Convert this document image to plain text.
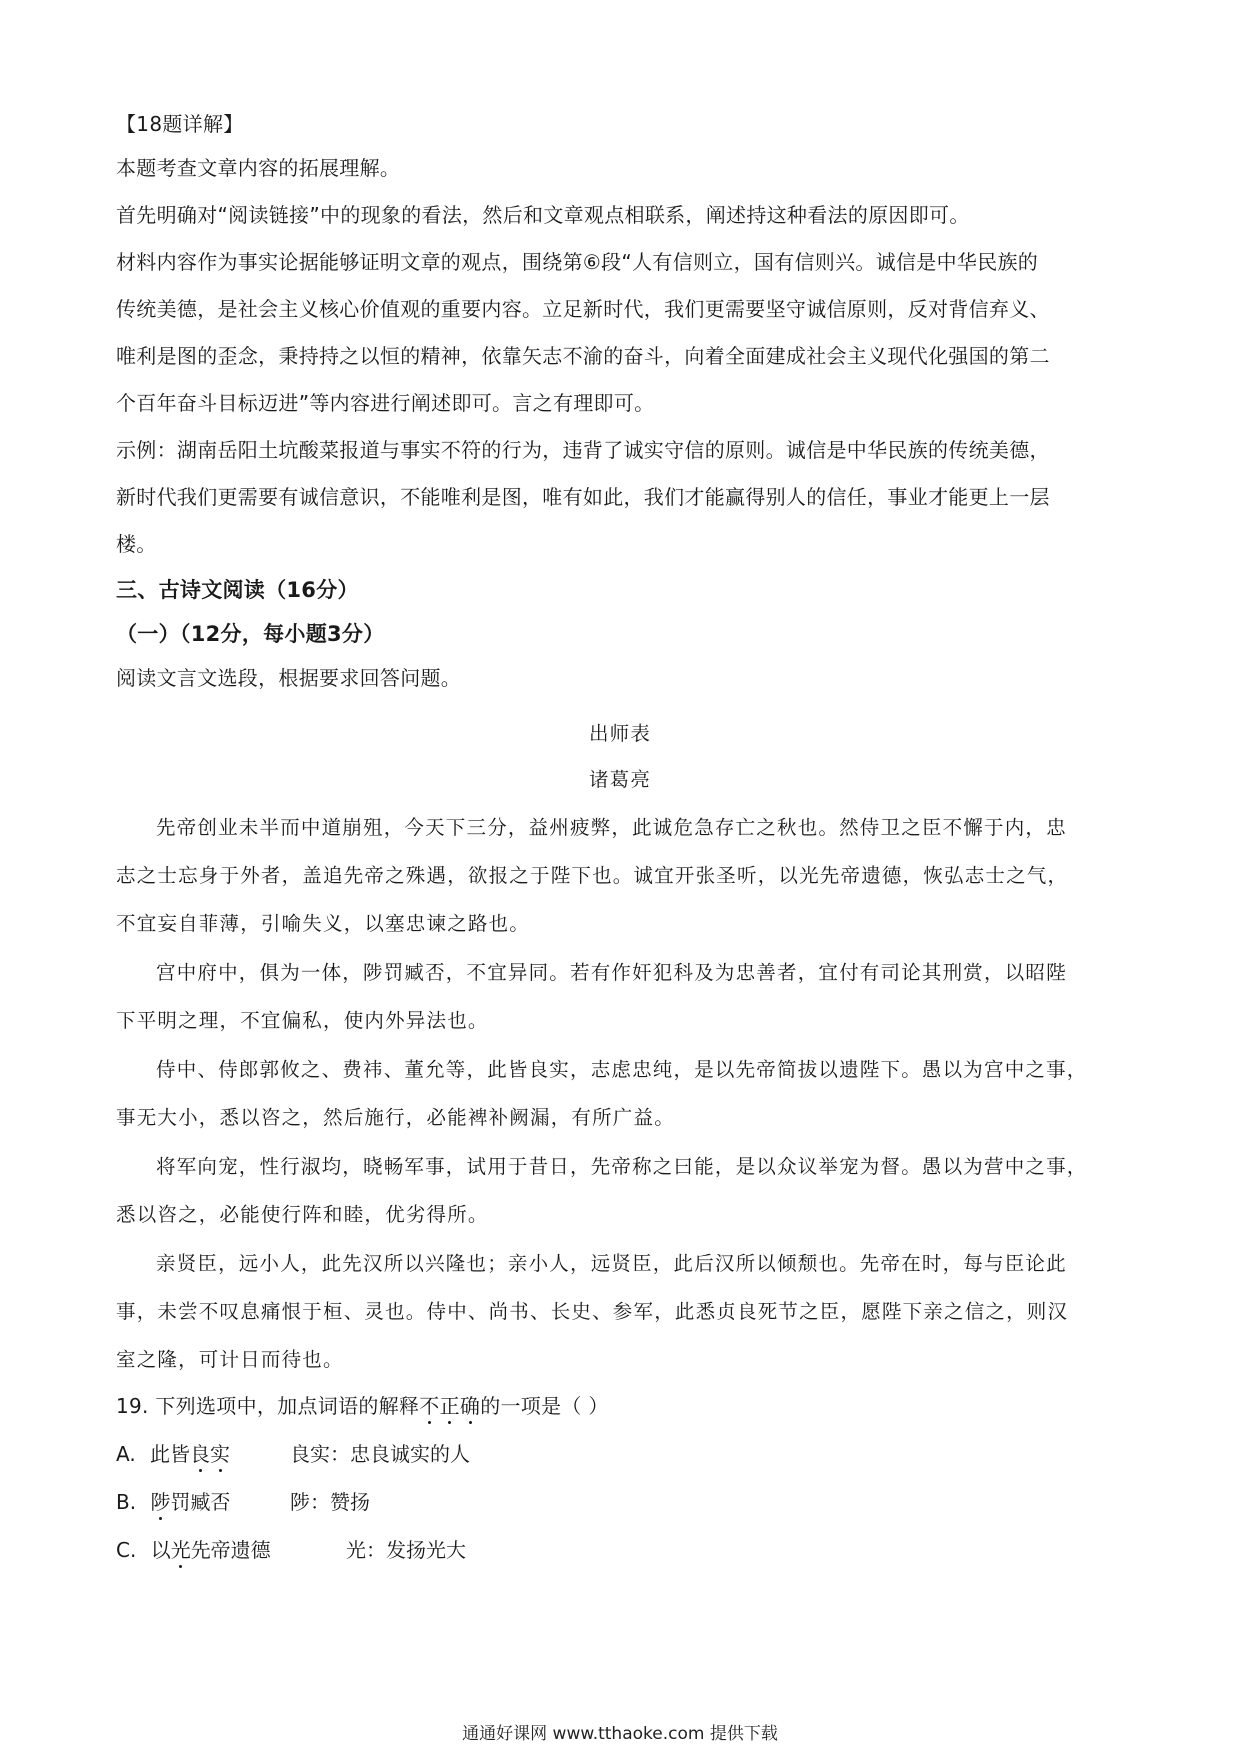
【18题详解】
本题考查文章内容的拓展理解。
首先明确对“阅读链接”中的现象的看法，然后和文章观点相联系，阐述持这种看法的原因即可。
材料内容作为事实论据能够证明文章的观点，围绕第⑥段“人有信则立，国有信则兴。诚信是中华民族的
传统美德，是社会主义核心价值观的重要内容。立足新时代，我们更需要坚守诚信原则，反对背信弃义、
唯利是图的歪念，秉持持之以恒的精神，依靠矢志不渝的奋斗，向着全面建成社会主义现代化强国的第二
个百年奋斗目标迈进”等内容进行阐述即可。言之有理即可。
示例：湖南岳阳土坑酸菜报道与事实不符的行为，违背了诚实守信的原则。诚信是中华民族的传统美德，
新时代我们更需要有诚信意识，不能唯利是图，唯有如此，我们才能赢得别人的信任，事业才能更上一层
楼。
三、古诗文阅读（16分）
（一）（12分，每小题3分）
阅读文言文选段，根据要求回答问题。
出师表
诸葛亮
先帝创业未半而中道崩殂，今天下三分，益州疲弊，此诚危急存亡之秋也。然侍卫之臣不懈于内，忠
志之士忘身于外者，盖追先帝之殊遇，欲报之于陛下也。诚宜开张圣听，以光先帝遗德，恢弘志士之气，
不宜妄自菲薄，引喻失义，以塞忠谏之路也。
宫中府中，俱为一体，陟罚臧否，不宜异同。若有作奸犯科及为忠善者，宜付有司论其刑赏，以昭陛
下平明之理，不宜偏私，使内外异法也。
侍中、侍郎郭攸之、费祎、董允等，此皆良实，志虑忠纯，是以先帝简拔以遗陛下。愚以为宫中之事，
事无大小，悉以咨之，然后施行，必能裨补阙漏，有所广益。
将军向宠，性行淑均，晓畅军事，试用于昔日，先帝称之曰能，是以众议举宠为督。愚以为营中之事，
悉以咨之，必能使行阵和睦，优劣得所。
亲贤臣，远小人，此先汉所以兴隆也；亲小人，远贤臣，此后汉所以倾颓也。先帝在时，每与臣论此
事，未尝不叹息痛恨于桓、灵也。侍中、尚书、长史、参军，此悉贞良死节之臣，愿陛下亲之信之，则汉
室之隆，可计日而待也。
19. 下列选项中，加点词语的解释不正确的一项是（ ）
A. 此皆良实	良实：忠良诚实的人
B. 陟罚臧否	陟：赞扬
C. 以光先帝遗德	光：发扬光大
通通好课网 www.tthaoke.com 提供下载
